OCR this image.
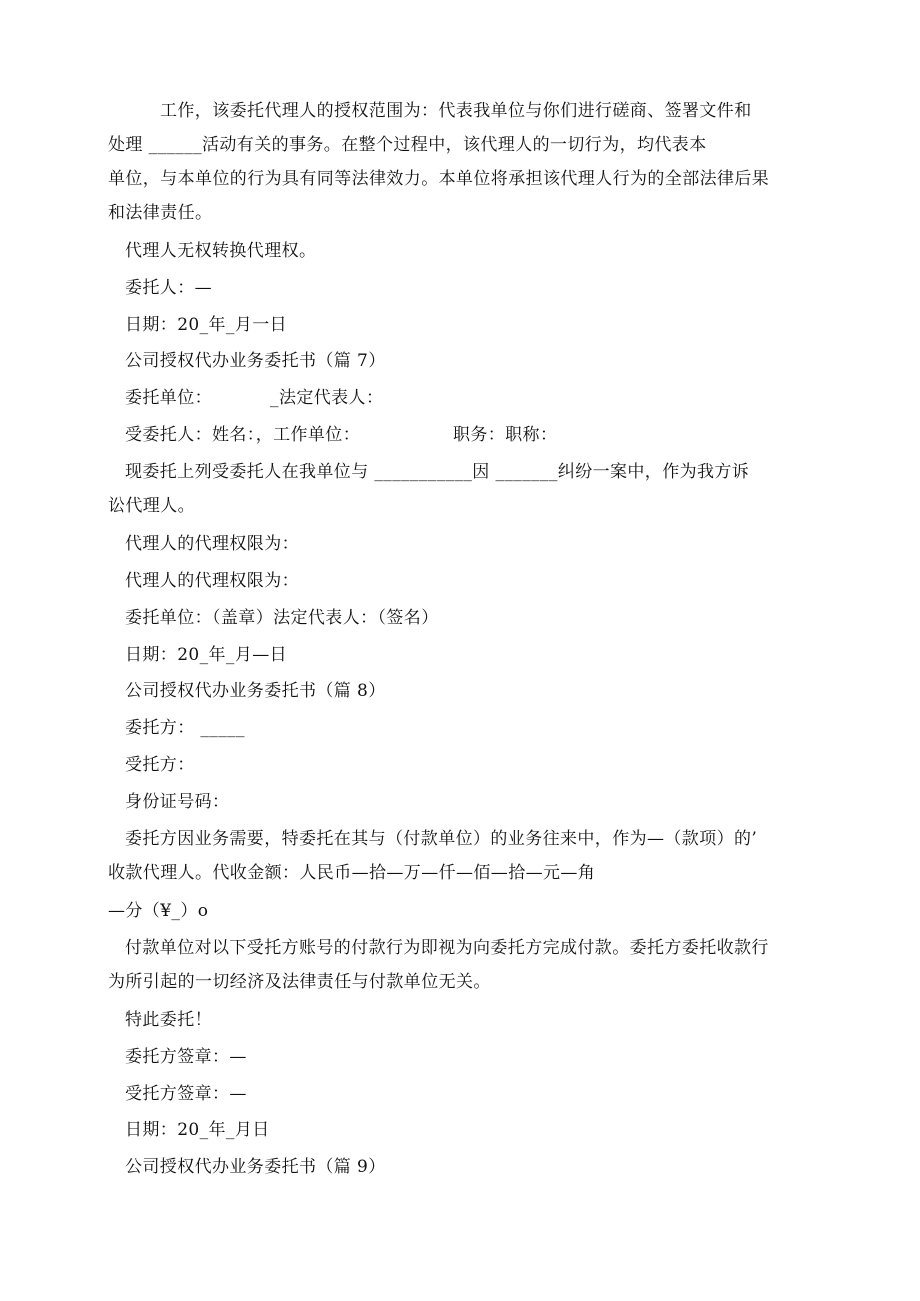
工作，该委托代理人的授权范围为：代表我单位与你们进行磋商、签署文件和
处理 ______活动有关的事务。在整个过程中，该代理人的一切行为，均代表本
单位，与本单位的行为具有同等法律效力。本单位将承担该代理人行为的全部法律后果
和法律责任。
代理人无权转换代理权。
委托人：—
日期：20_年_月一日
公司授权代办业务委托书（篇 7）
委托单位：          _法定代表人：
受委托人：姓名：，工作单位：                职务：职称：
现委托上列受委托人在我单位与 ___________因 _______纠纷一案中，作为我方诉
讼代理人。
代理人的代理权限为：
代理人的代理权限为：
委托单位：（盖章）法定代表人：（签名）
日期：20_年_月—日
公司授权代办业务委托书（篇 8）
委托方： _____
受托方：
身份证号码：
委托方因业务需要，特委托在其与（付款单位）的业务往来中，作为—（款项）的’
收款代理人。代收金额：人民币—拾—万—仟—佰—拾—元—角
—分（¥_）o
付款单位对以下受托方账号的付款行为即视为向委托方完成付款。委托方委托收款行
为所引起的一切经济及法律责任与付款单位无关。
特此委托！
委托方签章：—
受托方签章：—
日期：20_年_月日
公司授权代办业务委托书（篇 9）
